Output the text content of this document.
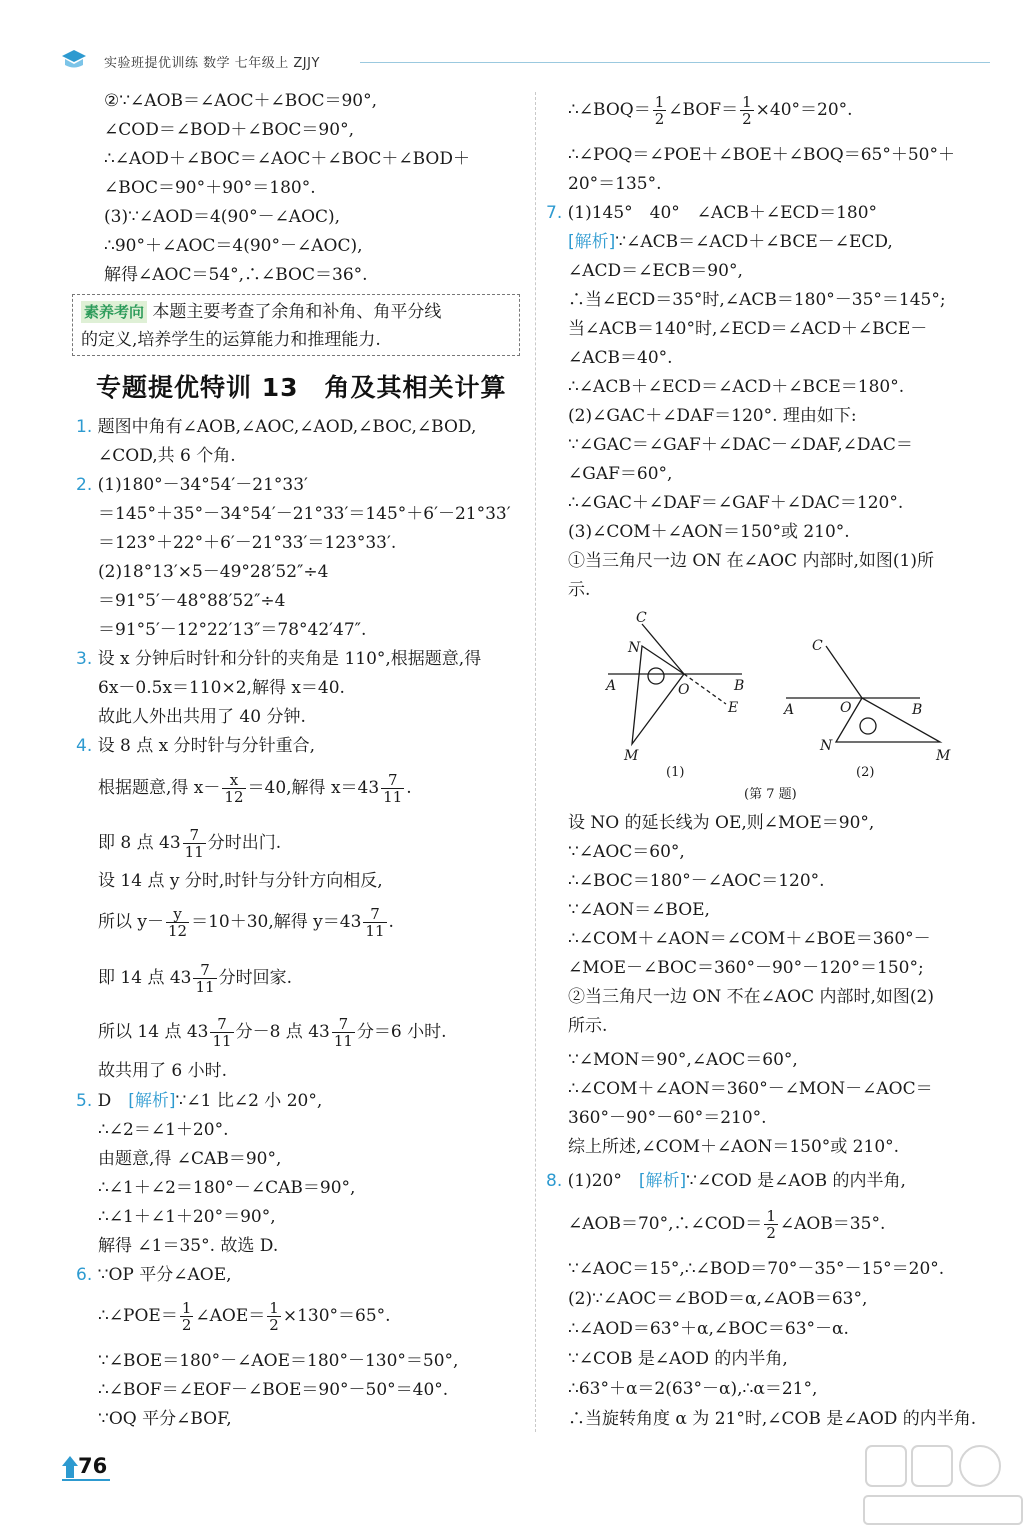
实验班提优训练 数学 七年级上 ZJJY
②∵∠AOB＝∠AOC＋∠BOC＝90°,
∠COD＝∠BOD＋∠BOC＝90°,
∴∠AOD＋∠BOC＝∠AOC＋∠BOC＋∠BOD＋
∠BOC＝90°＋90°＝180°.
(3)∵∠AOD＝4(90°－∠AOC),
∴90°＋∠AOC＝4(90°－∠AOC),
解得∠AOC＝54°,∴∠BOC＝36°.
素养考向 本题主要考查了余角和补角、角平分线
的定义,培养学生的运算能力和推理能力.
专题提优特训 13　角及其相关计算
1. 题图中角有∠AOB,∠AOC,∠AOD,∠BOC,∠BOD,
∠COD,共 6 个角.
2. (1)180°－34°54′－21°33′
＝145°＋35°－34°54′－21°33′＝145°＋6′－21°33′
＝123°＋22°＋6′－21°33′＝123°33′.
(2)18°13′×5－49°28′52″÷4
＝91°5′－48°88′52″÷4
＝91°5′－12°22′13″＝78°42′47″.
3. 设 x 分钟后时针和分针的夹角是 110°,根据题意,得
6x－0.5x＝110×2,解得 x＝40.
故此人外出共用了 40 分钟.
4. 设 8 点 x 分时针与分针重合,
根据题意,得 $x- \frac{x}{12} =40$,解得 $x=43 \frac{7}{11}$ .
即 8 点 $43 \frac{7}{11}$ 分时出门.
设 14 点 y 分时,时针与分针方向相反,
所以 $y- \frac{y}{12} =10+30$,解得 $y=43 \frac{7}{11}$ .
即 14 点 $43 \frac{7}{11}$ 分时回家.
所以 14 点 $43 \frac{7}{11}$ 分－8 点 $43 \frac{7}{11}$ 分＝6 小时.
故共用了 6 小时.
5. D　 [解析]∵∠1 比∠2 小 20°,
∴∠2＝∠1＋20°.
由题意,得 ∠CAB＝90°,
∴∠1＋∠2＝180°－∠CAB＝90°,
∴∠1＋∠1＋20°＝90°,
解得 ∠1＝35°. 故选 D.
6. ∵OP 平分∠AOE,
∴∠POE＝ $\frac{1}{2}$ ∠AOE＝ $\frac{1}{2} \times 130^\circ=65^\circ$.
∵∠BOE＝180°－∠AOE＝180°－130°＝50°,
∴∠BOF＝∠EOF－∠BOE＝90°－50°＝40°.
∵OQ 平分∠BOF,
∴∠BOQ＝ $\frac{1}{2}$ ∠BOF＝ $\frac{1}{2} \times 40^\circ=20^\circ$.
∴∠POQ＝∠POE＋∠BOE＋∠BOQ＝65°＋50°＋
20°＝135°.
7. (1)145°　40°　∠ACB＋∠ECD＝180°
[解析]∵∠ACB＝∠ACD＋∠BCE－∠ECD,
∠ACD＝∠ECB＝90°,
∴当∠ECD＝35°时,∠ACB＝180°－35°＝145°;
当∠ACB＝140°时,∠ECD＝∠ACD＋∠BCE－
∠ACB＝40°.
∴∠ACB＋∠ECD＝∠ACD＋∠BCE＝180°.
(2)∠GAC＋∠DAF＝120°. 理由如下:
∵∠GAC＝∠GAF＋∠DAC－∠DAF,∠DAC＝
∠GAF＝60°,
∴∠GAC＋∠DAF＝∠GAF＋∠DAC＝120°.
(3)∠COM＋∠AON＝150°或 210°.
①当三角尺一边 ON 在∠AOC 内部时,如图(1)所
示.
C
N
A	O	B
E
M
C
A	O	B
N
M
(1)	(2)
(第 7 题)
设 NO 的延长线为 OE,则∠MOE＝90°,
∵∠AOC＝60°,
∴∠BOC＝180°－∠AOC＝120°.
∵∠AON＝∠BOE,
∴∠COM＋∠AON＝∠COM＋∠BOE＝360°－
∠MOE－∠BOC＝360°－90°－120°＝150°;
②当三角尺一边 ON 不在∠AOC 内部时,如图(2)
所示.
∵∠MON＝90°,∠AOC＝60°,
∴∠COM＋∠AON＝360°－∠MON－∠AOC＝
360°－90°－60°＝210°.
综上所述,∠COM＋∠AON＝150°或 210°.
8. (1)20°　[解析]∵∠COD 是∠AOB 的内半角,
∠AOB＝70°,∴∠COD＝ $\frac{1}{2}$ ∠AOB＝35°.
∵∠AOC＝15°,∴∠BOD＝70°－35°－15°＝20°.
(2)∵∠AOC＝∠BOD＝α,∠AOB＝63°,
∴∠AOD＝63°＋α,∠BOC＝63°－α.
∵∠COB 是∠AOD 的内半角,
∴63°＋α＝2(63°－α),∴α＝21°,
∴当旋转角度 α 为 21°时,∠COB 是∠AOD 的内半角.
76
